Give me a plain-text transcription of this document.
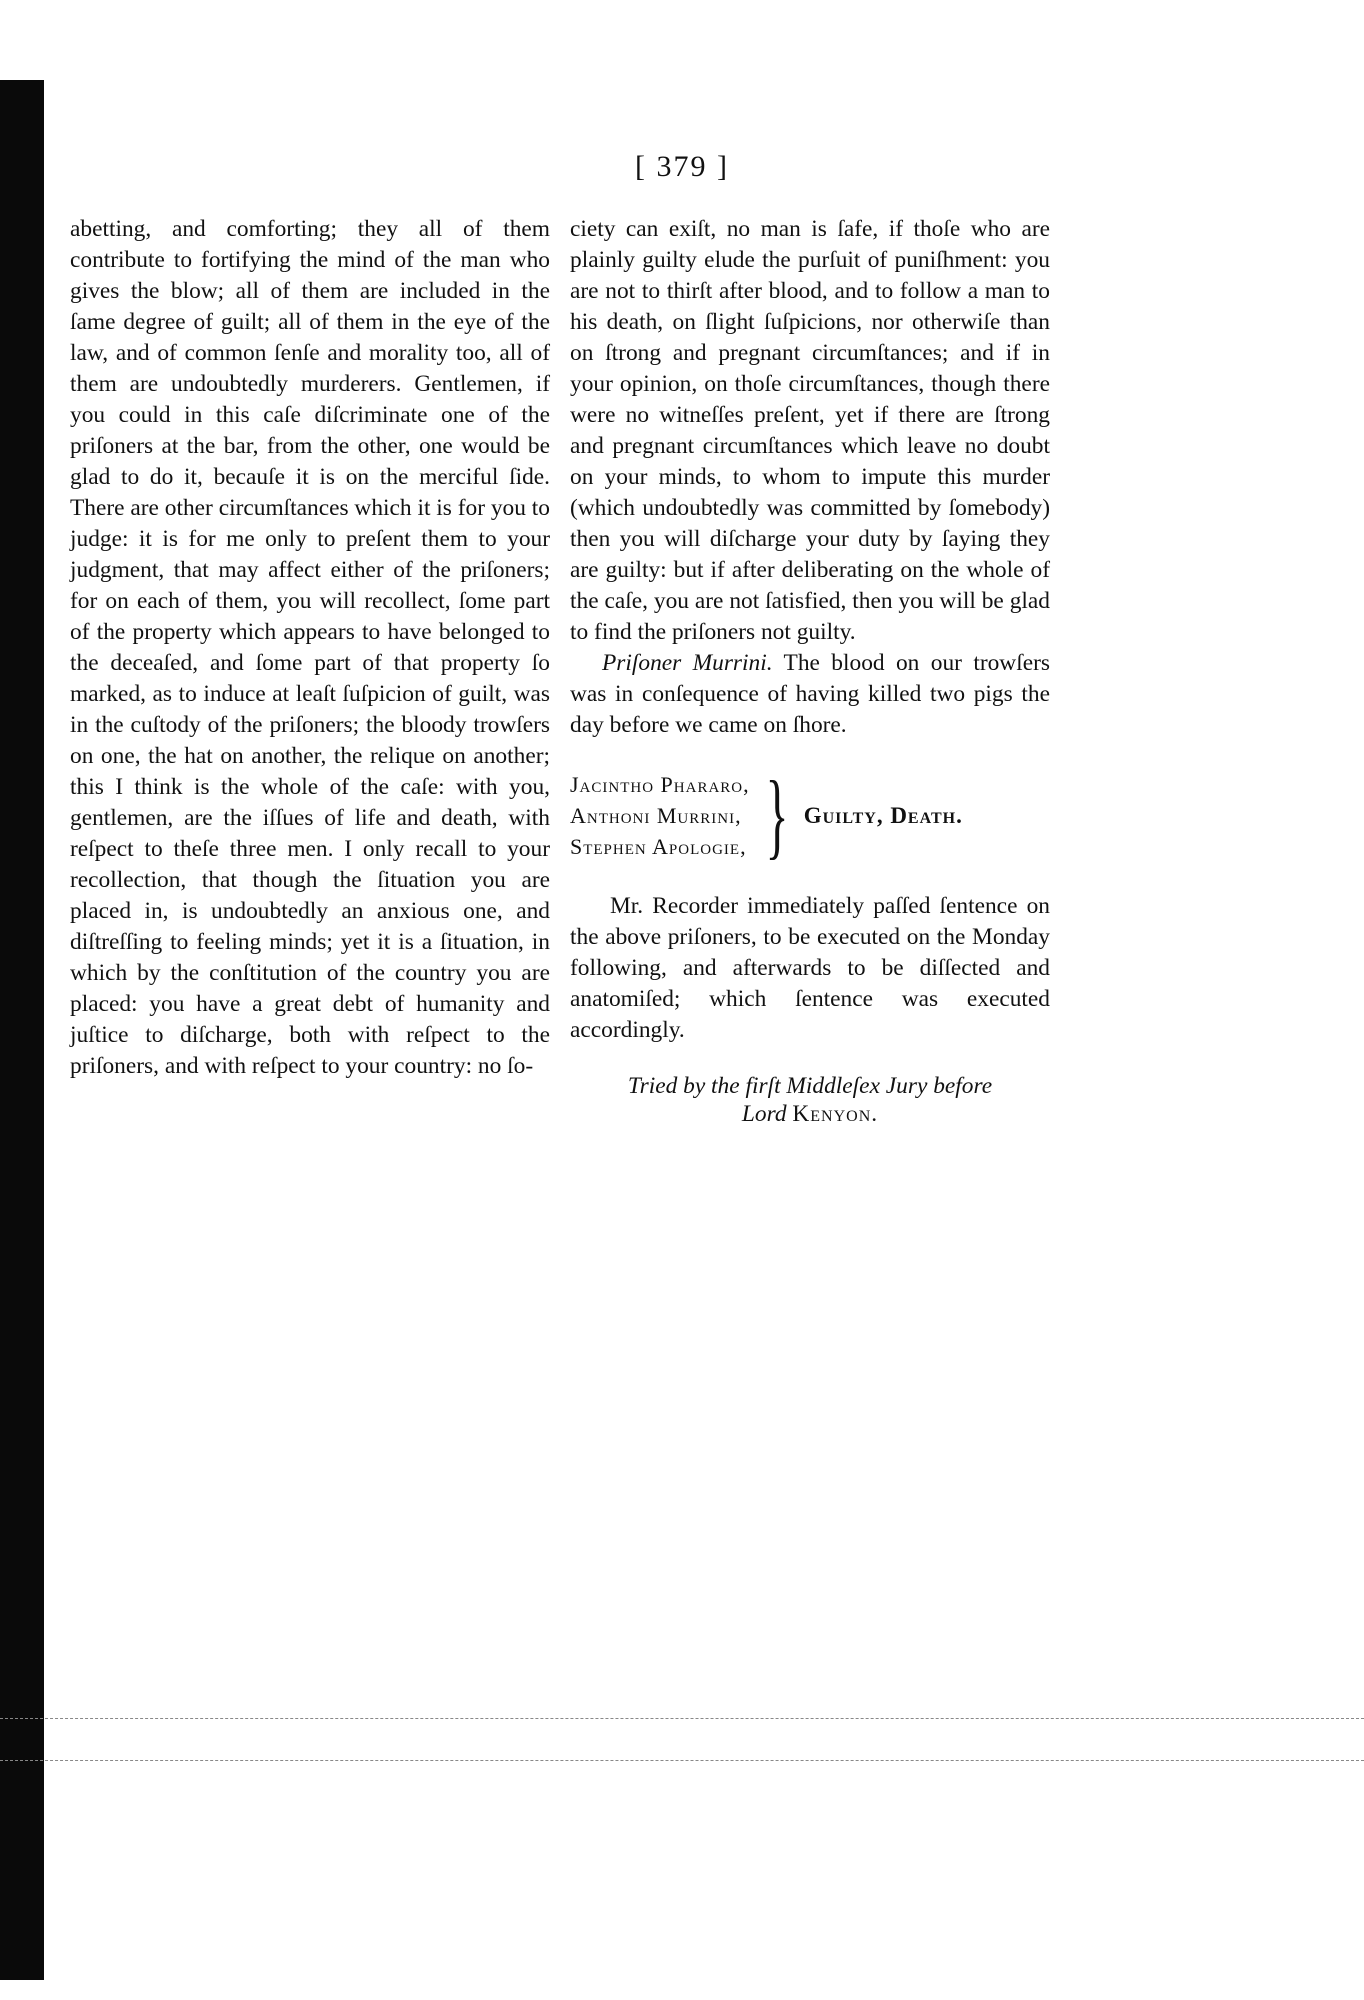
[ 379 ]

abetting, and comforting; they all of them contribute to fortifying the mind of the man who gives the blow; all of them are included in the ſame degree of guilt; all of them in the eye of the law, and of common ſenſe and morality too, all of them are undoubtedly murderers. Gentlemen, if you could in this caſe diſcriminate one of the priſoners at the bar, from the other, one would be glad to do it, becauſe it is on the merciful ſide. There are other circumſtances which it is for you to judge: it is for me only to preſent them to your judgment, that may affect either of the priſoners; for on each of them, you will recollect, ſome part of the property which appears to have belonged to the deceaſed, and ſome part of that property ſo marked, as to induce at leaſt ſuſpicion of guilt, was in the cuſtody of the priſoners; the bloody trowſers on one, the hat on another, the relique on another; this I think is the whole of the caſe: with you, gentlemen, are the iſſues of life and death, with reſpect to theſe three men. I only recall to your recollection, that though the ſituation you are placed in, is undoubtedly an anxious one, and diſtreſſing to feeling minds; yet it is a ſituation, in which by the conſtitution of the country you are placed: you have a great debt of humanity and juſtice to diſcharge, both with reſpect to the priſoners, and with reſpect to your country: no ſo-

ciety can exiſt, no man is ſafe, if thoſe who are plainly guilty elude the purſuit of puniſhment: you are not to thirſt after blood, and to follow a man to his death, on ſlight ſuſpicions, nor otherwiſe than on ſtrong and pregnant circumſtances; and if in your opinion, on thoſe circumſtances, though there were no witneſſes preſent, yet if there are ſtrong and pregnant circumſtances which leave no doubt on your minds, to whom to impute this murder (which undoubtedly was committed by ſomebody) then you will diſcharge your duty by ſaying they are guilty: but if after deliberating on the whole of the caſe, you are not ſatisfied, then you will be glad to find the priſoners not guilty.

Priſoner Murrini. The blood on our trowſers was in conſequence of having killed two pigs the day before we came on ſhore.

Jacintho Phararo,
Anthoni Murrini,
Stephen Apologie, } Guilty, Death.

Mr. Recorder immediately paſſed ſentence on the above priſoners, to be executed on the Monday following, and afterwards to be diſſected and anatomiſed; which ſentence was executed accordingly.

Tried by the firſt Middleſex Jury before
Lord Kenyon.
